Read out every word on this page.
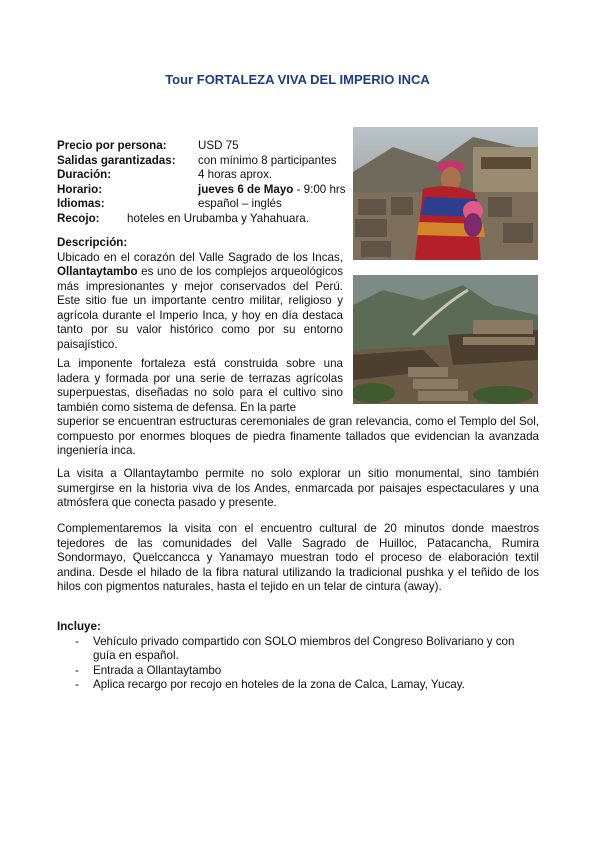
Tour FORTALEZA VIVA DEL IMPERIO INCA
Precio por persona:	USD 75
Salidas garantizadas: con mínimo 8 participantes
Duración:	4 horas aprox.
Horario:	jueves 6 de Mayo - 9:00 hrs
Idiomas:	español – inglés
Recojo: hoteles en Urubamba y Yahahuara.
Descripción:
Ubicado en el corazón del Valle Sagrado de los Incas, Ollantaytambo es uno de los complejos arqueológicos más impresionantes y mejor conservados del Perú. Este sitio fue un importante centro militar, religioso y agrícola durante el Imperio Inca, y hoy en día destaca tanto por su valor histórico como por su entorno paisajístico.
La imponente fortaleza está construida sobre una ladera y formada por una serie de terrazas agrícolas superpuestas, diseñadas no solo para el cultivo sino también como sistema de defensa. En la parte
superior se encuentran estructuras ceremoniales de gran relevancia, como el Templo del Sol, compuesto por enormes bloques de piedra finamente tallados que evidencian la avanzada ingeniería inca.
La visita a Ollantaytambo permite no solo explorar un sitio monumental, sino también sumergirse en la historia viva de los Andes, enmarcada por paisajes espectaculares y una atmósfera que conecta pasado y presente.
Complementaremos la visita con el encuentro cultural de 20 minutos donde maestros tejedores de las comunidades del Valle Sagrado de Huilloc, Patacancha, Rumira Sondormayo, Quelccancca y Yanamayo muestran todo el proceso de elaboración textil andina. Desde el hilado de la fibra natural utilizando la tradicional pushka y el teñido de los hilos con pigmentos naturales, hasta el tejido en un telar de cintura (away).
Incluye:
- Vehículo privado compartido con SOLO miembros del Congreso Bolivariano y con guía en español.
- Entrada a Ollantaytambo
- Aplica recargo por recojo en hoteles de la zona de Calca, Lamay, Yucay.
